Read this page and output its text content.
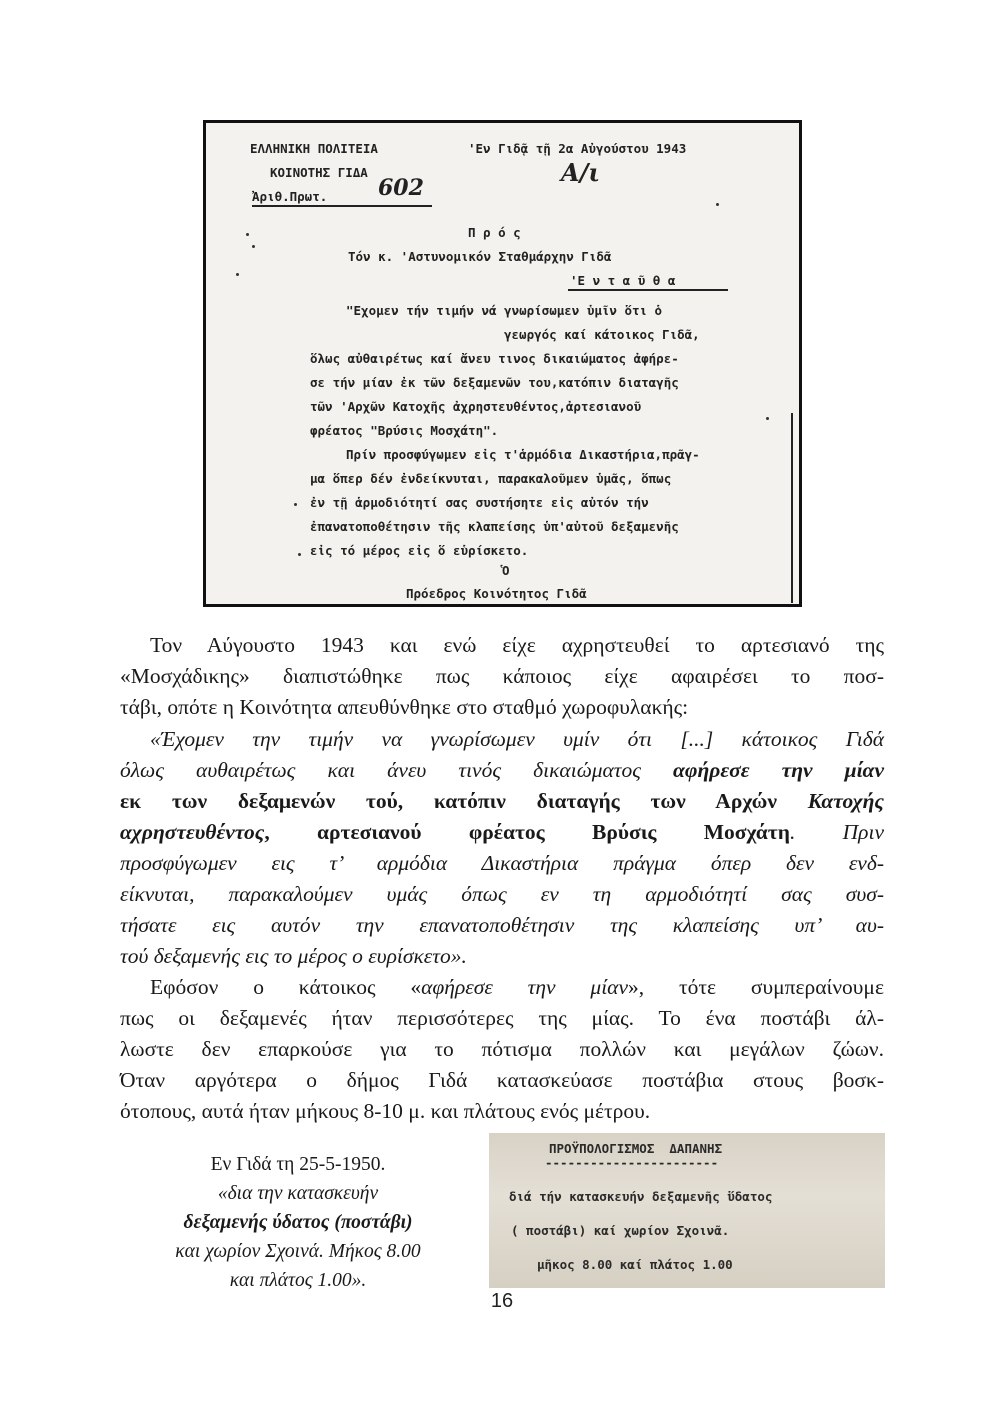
ΕΛΛΗΝΙΚΗ ΠΟΛΙΤΕΙΑ	'Εν Γιδᾷ τῇ 2α Αὐγούστου 1943
ΚΟΙΝΟΤΗΣ ΓΙΔΑ
Ἀριθ.Πρωτ. 602
Α/ι
Π ρ ό ς
Τόν κ. 'Αστυνομικόν Σταθμάρχην Γιδᾶ
'Ε ν τ α ῦ θ α
"Εχομεν τήν τιμήν νά γνωρίσωμεν ὑμῖν ὅτι ὁ
γεωργός καί κάτοικος Γιδᾶ,
ὅλως αὐθαιρέτως καί ἄνευ τινος δικαιώματος ἀφήρε-
σε τήν μίαν ἐκ τῶν δεξαμενῶν του,κατόπιν διαταγῆς
τῶν 'Αρχῶν Κατοχῆς ἀχρηστευθέντος,ἀρτεσιανοῦ
φρέατος "Βρύσις Μοσχάτη".
Πρίν προσφύγωμεν εἰς τ'ἁρμόδια Δικαστήρια,πρᾶγ-
μα ὅπερ δέν ἐνδείκνυται, παρακαλοῦμεν ὑμᾶς, ὅπως
ἐν τῇ ἁρμοδιότητί σας συστήσητε εἰς αὐτόν τήν
ἐπανατοποθέτησιν τῆς κλαπείσης ὑπ'αὐτοῦ δεξαμενῆς
εἰς τό μέρος εἰς ὅ εὑρίσκετο.
Ὁ
Πρόεδρος Κοινότητος Γιδᾶ
Τον Αύγουστο 1943 και ενώ είχε αχρηστευθεί το αρτεσιανό της
«Μοσχάδικης» διαπιστώθηκε πως κάποιος είχε αφαιρέσει το ποσ-
τάβι, οπότε η Κοινότητα απευθύνθηκε στο σταθμό χωροφυλακής:
«Έχομεν την τιμήν να γνωρίσωμεν υμίν ότι [...] κάτοικος Γιδά
όλως αυθαιρέτως και άνευ τινός δικαιώματος αφήρεσε την μίαν
εκ των δεξαμενών τού, κατόπιν διαταγής των Αρχών Κατοχής
αχρηστευθέντος, αρτεσιανού φρέατος Βρύσις Μοσχάτη. Πριν
προσφύγωμεν εις τ’ αρμόδια Δικαστήρια πράγμα όπερ δεν ενδ-
είκνυται, παρακαλούμεν υμάς όπως εν τη αρμοδιότητί σας συσ-
τήσατε εις αυτόν την επανατοποθέτησιν της κλαπείσης υπ’ αυ-
τού δεξαμενής εις το μέρος ο ευρίσκετο».
Εφόσον ο κάτοικος «αφήρεσε την μίαν», τότε συμπεραίνουμε
πως οι δεξαμενές ήταν περισσότερες της μίας. Το ένα ποστάβι άλ-
λωστε δεν επαρκούσε για το πότισμα πολλών και μεγάλων ζώων.
Όταν αργότερα ο δήμος Γιδά κατασκεύασε ποστάβια στους βοσκ-
ότοπους, αυτά ήταν μήκους 8-10 μ. και πλάτους ενός μέτρου.
Εν Γιδά τη 25-5-1950.
«δια την κατασκευήν
δεξαμενής ύδατος (ποστάβι)
και χωρίον Σχοινά. Μήκος 8.00
και πλάτος 1.00».
ΠΡΟΫΠΟΛΟΓΙΣΜΟΣ  ΔΑΠΑΝΗΣ
-----------------------
διά τήν κατασκευήν δεξαμενῆς ὕδατος
( ποστάβι) καί χωρίον Σχοινᾶ.
μῆκος 8.00 καί πλάτος 1.00
16
